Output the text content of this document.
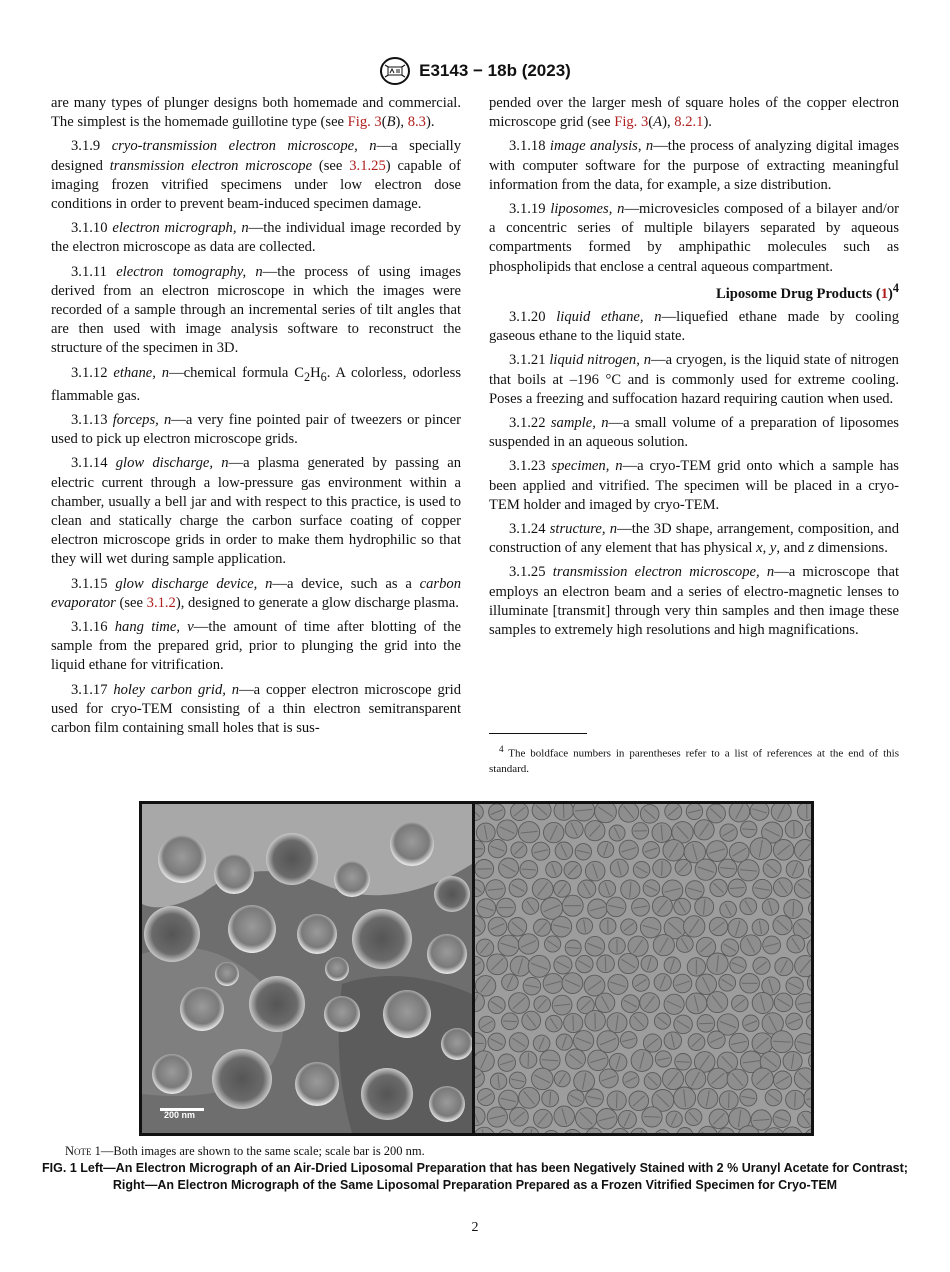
E3143 − 18b (2023)

are many types of plunger designs both homemade and commercial. The simplest is the homemade guillotine type (see Fig. 3(B), 8.3).

3.1.9 cryo-transmission electron microscope, n—a specially designed transmission electron microscope (see 3.1.25) capable of imaging frozen vitrified specimens under low electron dose conditions in order to prevent beam-induced specimen damage.

3.1.10 electron micrograph, n—the individual image recorded by the electron microscope as data are collected.

3.1.11 electron tomography, n—the process of using images derived from an electron microscope in which the images were recorded of a sample through an incremental series of tilt angles that are then used with image analysis software to reconstruct the structure of the specimen in 3D.

3.1.12 ethane, n—chemical formula $C_2H_6$. A colorless, odorless flammable gas.

3.1.13 forceps, n—a very fine pointed pair of tweezers or pincer used to pick up electron microscope grids.

3.1.14 glow discharge, n—a plasma generated by passing an electric current through a low-pressure gas environment within a chamber, usually a bell jar and with respect to this practice, is used to clean and statically charge the carbon surface coating of copper electron microscope grids in order to make them hydrophilic so that they will wet during sample application.

3.1.15 glow discharge device, n—a device, such as a carbon evaporator (see 3.1.2), designed to generate a glow discharge plasma.

3.1.16 hang time, v—the amount of time after blotting of the sample from the prepared grid, prior to plunging the grid into the liquid ethane for vitrification.

3.1.17 holey carbon grid, n—a copper electron microscope grid used for cryo-TEM consisting of a thin electron semitransparent carbon film containing small holes that is sus-

pended over the larger mesh of square holes of the copper electron microscope grid (see Fig. 3(A), 8.2.1).

3.1.18 image analysis, n—the process of analyzing digital images with computer software for the purpose of extracting meaningful information from the data, for example, a size distribution.

3.1.19 liposomes, n—microvesicles composed of a bilayer and/or a concentric series of multiple bilayers separated by aqueous compartments formed by amphipathic molecules such as phospholipids that enclose a central aqueous compartment.

Liposome Drug Products $(1)^4$

3.1.20 liquid ethane, n—liquefied ethane made by cooling gaseous ethane to the liquid state.

3.1.21 liquid nitrogen, n—a cryogen, is the liquid state of nitrogen that boils at –196 °C and is commonly used for extreme cooling. Poses a freezing and suffocation hazard requiring caution when used.

3.1.22 sample, n—a small volume of a preparation of liposomes suspended in an aqueous solution.

3.1.23 specimen, n—a cryo-TEM grid onto which a sample has been applied and vitrified. The specimen will be placed in a cryo-TEM holder and imaged by cryo-TEM.

3.1.24 structure, n—the 3D shape, arrangement, composition, and construction of any element that has physical x, y, and z dimensions.

3.1.25 transmission electron microscope, n—a microscope that employs an electron beam and a series of electro-magnetic lenses to illuminate [transmit] through very thin samples and then image these samples to extremely high resolutions and high magnifications.

$^4$ The boldface numbers in parentheses refer to a list of references at the end of this standard.

200 nm
Note 1—Both images are shown to the same scale; scale bar is 200 nm.
FIG. 1 Left—An Electron Micrograph of an Air-Dried Liposomal Preparation that has been Negatively Stained with 2 % Uranyl Acetate for Contrast; Right—An Electron Micrograph of the Same Liposomal Preparation Prepared as a Frozen Vitrified Specimen for Cryo-TEM
2
